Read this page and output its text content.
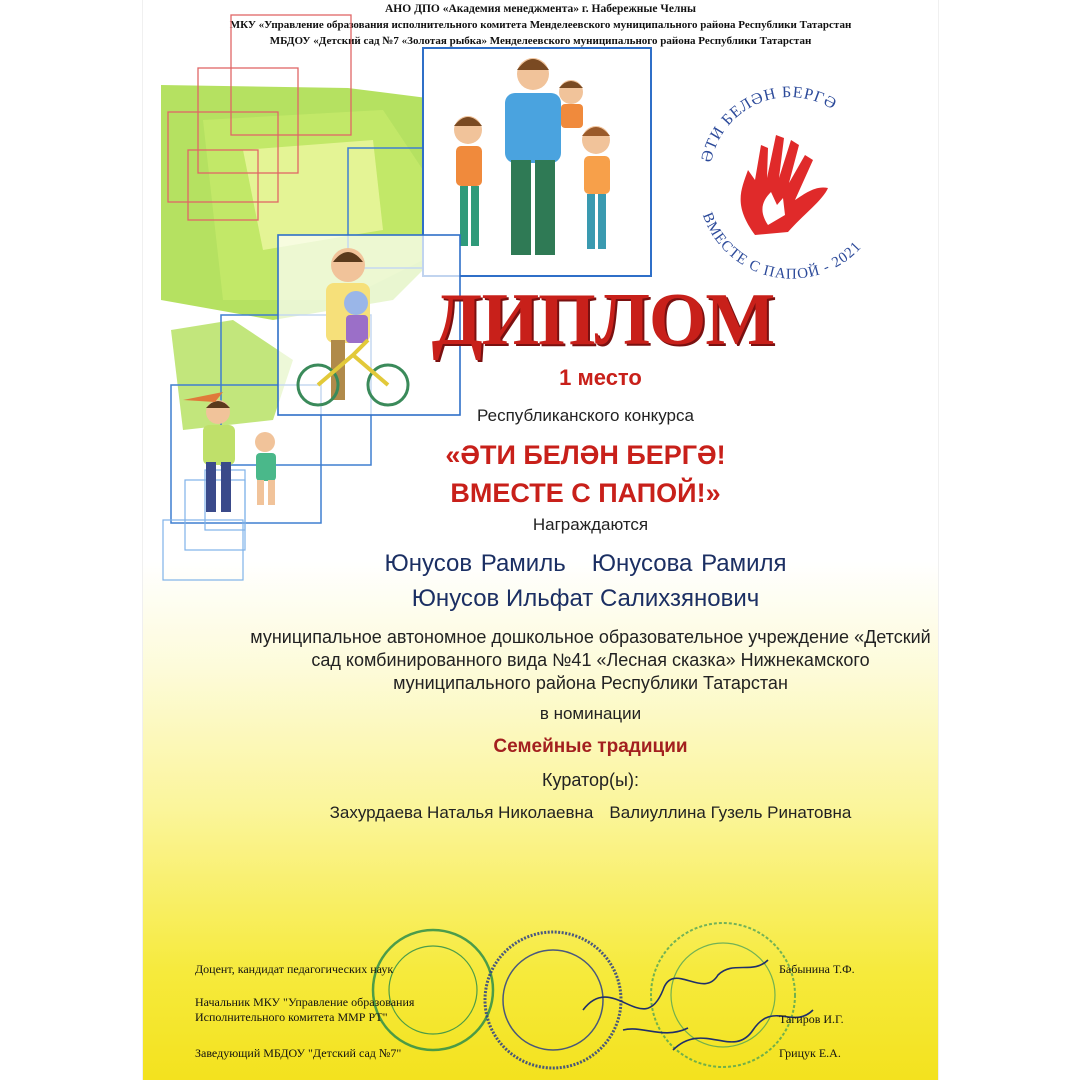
АНО ДПО «Академия менеджмента» г. Набережные Челны
МКУ «Управление образования исполнительного комитета Менделеевского муниципального района Республики Татарстан
МБДОУ «Детский сад №7 «Золотая рыбка» Менделеевского муниципального района Республики Татарстан
ӘТИ БЕЛӘН БЕРГӘ
ВМЕСТЕ С ПАПОЙ - 2021
ДИПЛОМ
1 место
Республиканского конкурса
«ӘТИ БЕЛӘН БЕРГӘ!
ВМЕСТЕ С ПАПОЙ!»
Награждаются
Юнусов Рамиль Юнусова Рамиля
Юнусов Ильфат Салихзянович
муниципальное автономное дошкольное образовательное учреждение «Детский
сад комбинированного вида №41 «Лесная сказка» Нижнекамского
муниципального района Республики Татарстан
в номинации
Семейные традиции
Куратор(ы):
Захурдаева Наталья Николаевна Валиуллина Гузель Ринатовна
Доцент, кандидат педагогических наук	Бабынина Т.Ф.
Начальник МКУ "Управление образования
Исполнительного комитета ММР РТ"	Тагиров И.Г.
Заведующий МБДОУ "Детский сад №7"	Грицук Е.А.
